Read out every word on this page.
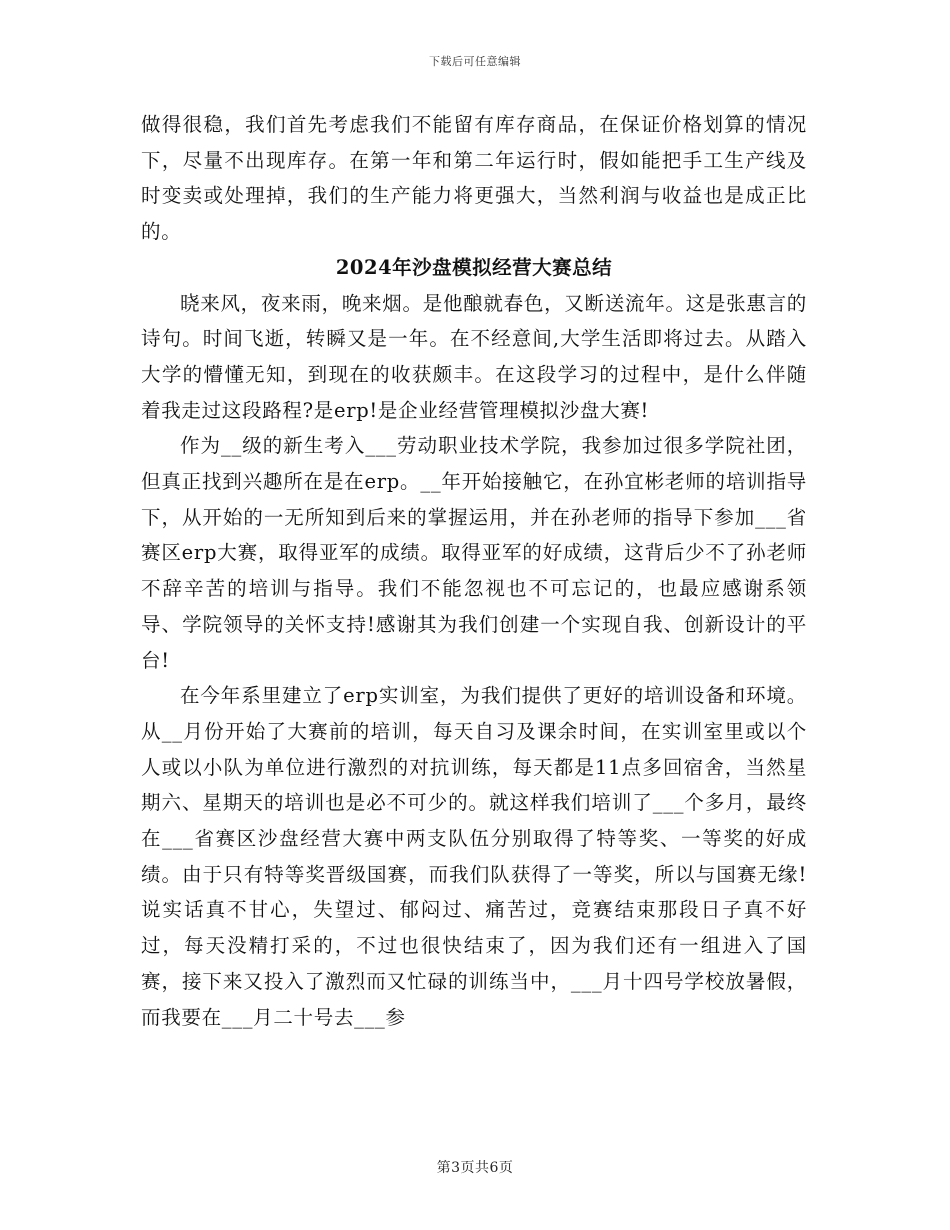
下载后可任意编辑

做得很稳，我们首先考虑我们不能留有库存商品，在保证价格划算的情况下，尽量不出现库存。在第一年和第二年运行时，假如能把手工生产线及时变卖或处理掉，我们的生产能力将更强大，当然利润与收益也是成正比的。

2024年沙盘模拟经营大赛总结

晓来风，夜来雨，晚来烟。是他酿就春色，又断送流年。这是张惠言的诗句。时间飞逝，转瞬又是一年。在不经意间,大学生活即将过去。从踏入大学的懵懂无知，到现在的收获颇丰。在这段学习的过程中，是什么伴随着我走过这段路程?是erp!是企业经营管理模拟沙盘大赛!

作为__级的新生考入___劳动职业技术学院，我参加过很多学院社团，但真正找到兴趣所在是在erp。__年开始接触它，在孙宜彬老师的培训指导下，从开始的一无所知到后来的掌握运用，并在孙老师的指导下参加___省赛区erp大赛，取得亚军的成绩。取得亚军的好成绩，这背后少不了孙老师不辞辛苦的培训与指导。我们不能忽视也不可忘记的，也最应感谢系领导、学院领导的关怀支持!感谢其为我们创建一个实现自我、创新设计的平台!

在今年系里建立了erp实训室，为我们提供了更好的培训设备和环境。从__月份开始了大赛前的培训，每天自习及课余时间，在实训室里或以个人或以小队为单位进行激烈的对抗训练，每天都是11点多回宿舍，当然星期六、星期天的培训也是必不可少的。就这样我们培训了___个多月，最终在___省赛区沙盘经营大赛中两支队伍分别取得了特等奖、一等奖的好成绩。由于只有特等奖晋级国赛，而我们队获得了一等奖，所以与国赛无缘!说实话真不甘心，失望过、郁闷过、痛苦过，竞赛结束那段日子真不好过，每天没精打采的，不过也很快结束了，因为我们还有一组进入了国赛，接下来又投入了激烈而又忙碌的训练当中，___月十四号学校放暑假，而我要在___月二十号去___参

第3页共6页
